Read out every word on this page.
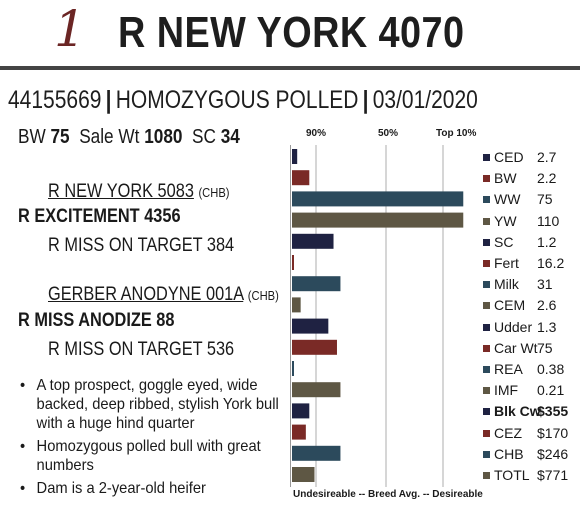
1 R NEW YORK 4070
44155669 | HOMOZYGOUS POLLED | 03/01/2020
BW 75 Sale Wt 1080 SC 34
R NEW YORK 5083 (CHB)
R EXCITEMENT 4356
R MISS ON TARGET 384
GERBER ANODYNE 001A (CHB)
R MISS ANODIZE 88
R MISS ON TARGET 536
• A top prospect, goggle eyed, wide backed, deep ribbed, stylish York bull with a huge hind quarter
• Homozygous polled bull with great numbers
• Dam is a 2-year-old heifer
90%	50%	Top 10%
CED 2.7
BW 2.2
WW 75
YW 110
SC 1.2
Fert 16.2
Milk 31
CEM 2.6
Udder 1.3
Car Wt 75
REA 0.38
IMF 0.21
Blk Cw
$355
CEZ $170
CHB $246
TOTL $771
Undesireable -- Breed Avg. -- Desireable
